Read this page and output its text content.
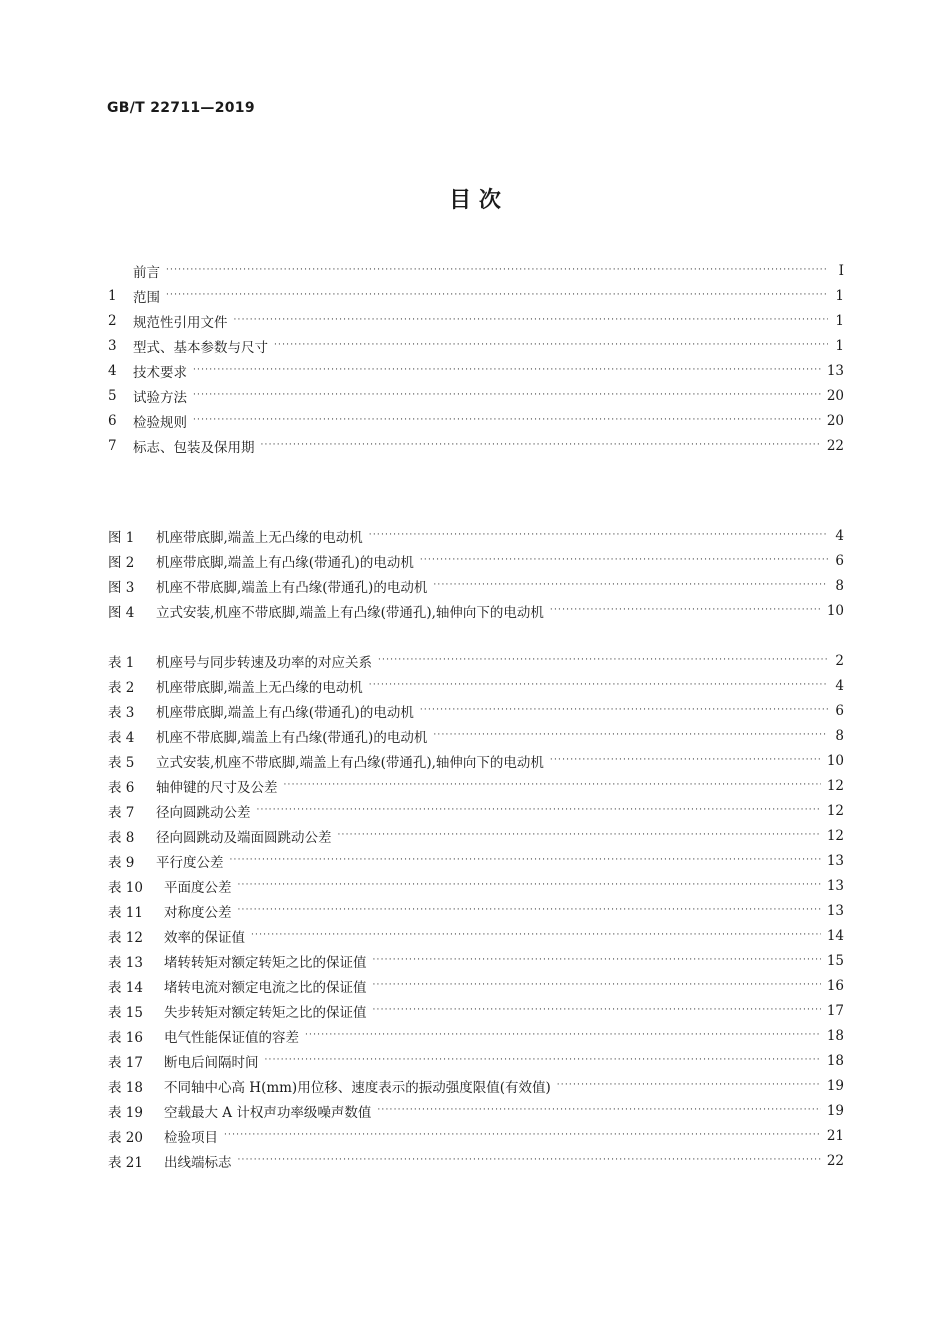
GB/T 22711—2019
目 次
前言 ·····	Ⅰ
1	范围 ·····	1
2	规范性引用文件 ·····	1
3	型式、基本参数与尺寸 ·····	1
4	技术要求 ·····	13
5	试验方法 ·····	20
6	检验规则 ·····	20
7	标志、包装及保用期 ·····	22
图 1	机座带底脚,端盖上无凸缘的电动机 ·····	4
图 2	机座带底脚,端盖上有凸缘(带通孔)的电动机 ·····	6
图 3	机座不带底脚,端盖上有凸缘(带通孔)的电动机 ·····	8
图 4	立式安装,机座不带底脚,端盖上有凸缘(带通孔),轴伸向下的电动机 ·····	10
表 1	机座号与同步转速及功率的对应关系 ·····	2
表 2	机座带底脚,端盖上无凸缘的电动机 ·····	4
表 3	机座带底脚,端盖上有凸缘(带通孔)的电动机 ·····	6
表 4	机座不带底脚,端盖上有凸缘(带通孔)的电动机 ·····	8
表 5	立式安装,机座不带底脚,端盖上有凸缘(带通孔),轴伸向下的电动机 ·····	10
表 6	轴伸键的尺寸及公差 ·····	12
表 7	径向圆跳动公差 ·····	12
表 8	径向圆跳动及端面圆跳动公差 ·····	12
表 9	平行度公差 ·····	13
表 10	平面度公差 ·····	13
表 11	对称度公差 ·····	13
表 12	效率的保证值 ·····	14
表 13	堵转转矩对额定转矩之比的保证值 ·····	15
表 14	堵转电流对额定电流之比的保证值 ·····	16
表 15	失步转矩对额定转矩之比的保证值 ·····	17
表 16	电气性能保证值的容差 ·····	18
表 17	断电后间隔时间 ·····	18
表 18	不同轴中心高 H(mm)用位移、速度表示的振动强度限值(有效值) ·····	19
表 19	空载最大 A 计权声功率级噪声数值 ·····	19
表 20	检验项目 ·····	21
表 21	出线端标志 ·····	22
